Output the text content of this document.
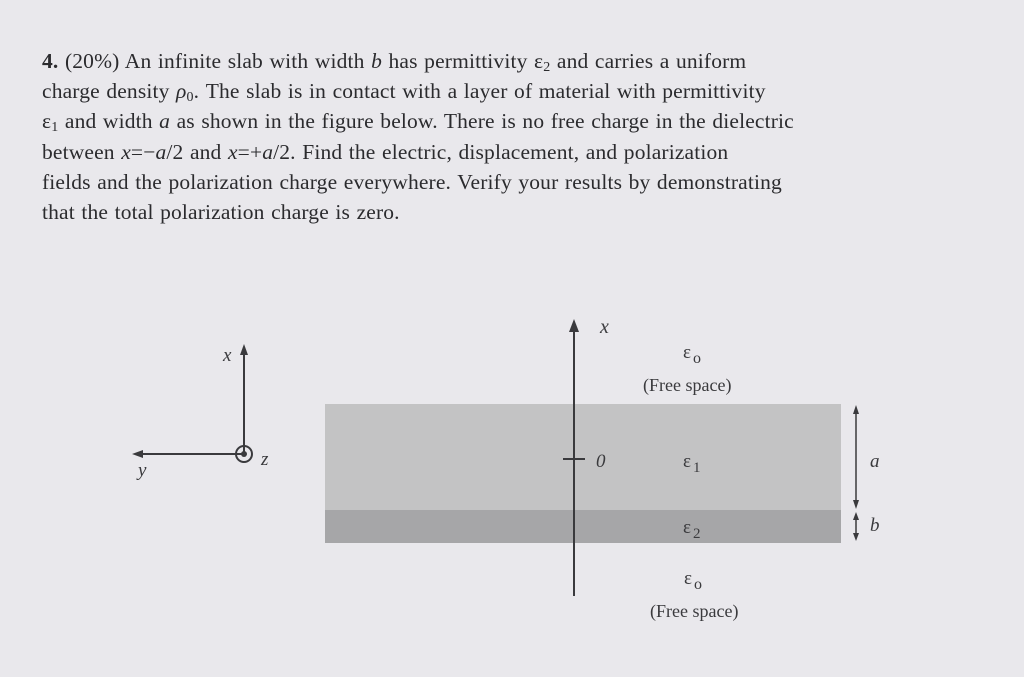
4. (20%) An infinite slab with width b has permittivity $\varepsilon_2$ and carries a uniform
charge density $\rho_0$. The slab is in contact with a layer of material with permittivity
$\varepsilon_1$ and width a as shown in the figure below. There is no free charge in the dielectric
between x=−a/2 and x=+a/2. Find the electric, displacement, and polarization
fields and the polarization charge everywhere. Verify your results by demonstrating
that the total polarization charge is zero.

x
y
z
x
0
ε o
(Free space)
ε 1
ε 2
ε o
(Free space)
a
b
